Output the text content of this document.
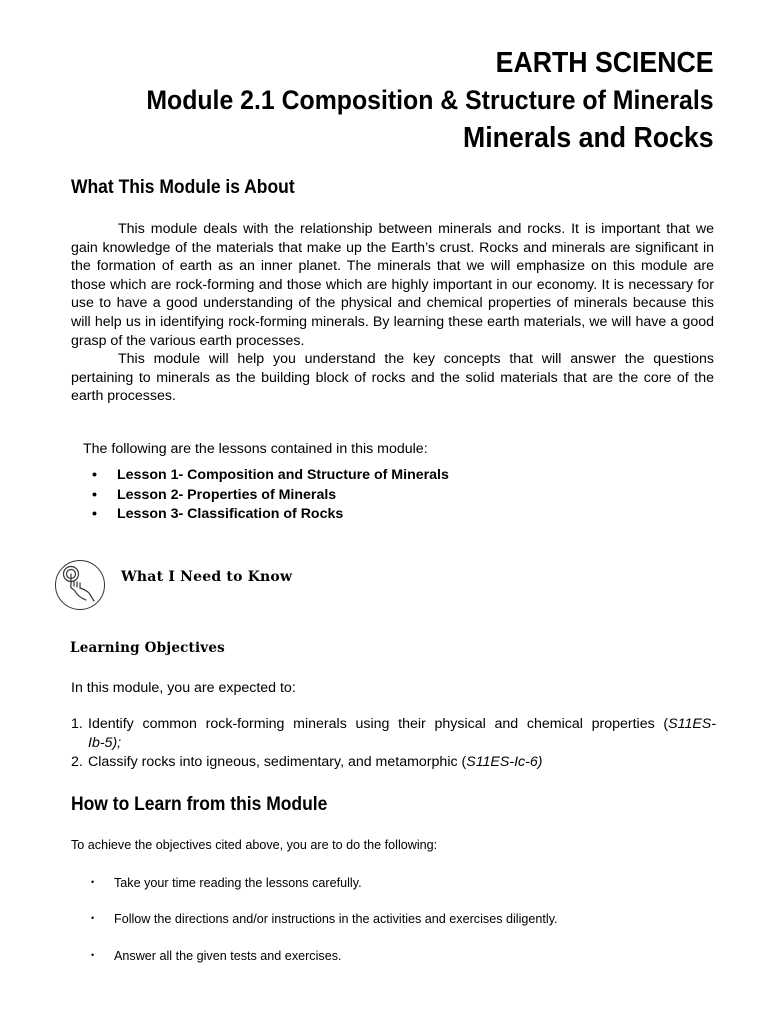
EARTH SCIENCE
Module 2.1 Composition & Structure of Minerals
Minerals and Rocks
What This Module is About

This module deals with the relationship between minerals and rocks. It is important that we gain knowledge of the materials that make up the Earth’s crust. Rocks and minerals are significant in the formation of earth as an inner planet. The minerals that we will emphasize on this module are those which are rock-forming and those which are highly important in our economy. It is necessary for use to have a good understanding of the physical and chemical properties of minerals because this will help us in identifying rock-forming minerals. By learning these earth materials, we will have a good grasp of the various earth processes.

This module will help you understand the key concepts that will answer the questions pertaining to minerals as the building block of rocks and the solid materials that are the core of the earth processes.

The following are the lessons contained in this module:
• Lesson 1- Composition and Structure of Minerals
• Lesson 2- Properties of Minerals
• Lesson 3- Classification of Rocks
What I Need to Know
Learning Objectives
In this module, you are expected to:
1. Identify common rock-forming minerals using their physical and chemical properties (S11ES-
Ib-5);
2. Classify rocks into igneous, sedimentary, and metamorphic (S11ES-Ic-6)
How to Learn from this Module
To achieve the objectives cited above, you are to do the following:
• Take your time reading the lessons carefully.
• Follow the directions and/or instructions in the activities and exercises diligently.
• Answer all the given tests and exercises.
